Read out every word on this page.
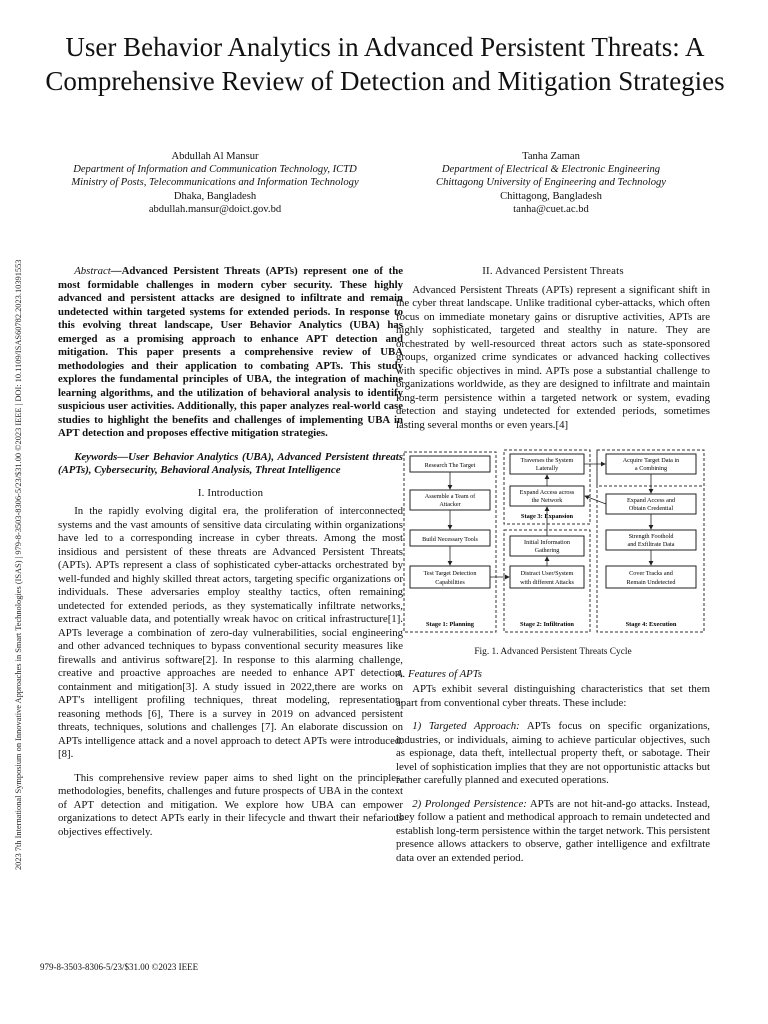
2023 7th International Symposium on Innovative Approaches in Smart Technologies (ISAS) | 979-8-3503-8306-5/23/$31.00 ©2023 IEEE | DOI: 10.1109/ISAS60782.2023.10391553
User Behavior Analytics in Advanced Persistent Threats: A Comprehensive Review of Detection and Mitigation Strategies
Abdullah Al Mansur
Department of Information and Communication Technology, ICTD
Ministry of Posts, Telecommunications and Information Technology
Dhaka, Bangladesh
abdullah.mansur@doict.gov.bd
Tanha Zaman
Department of Electrical & Electronic Engineering
Chittagong University of Engineering and Technology
Chittagong, Bangladesh
tanha@cuet.ac.bd

Abstract—Advanced Persistent Threats (APTs) represent one of the most formidable challenges in modern cyber security. These highly advanced and persistent attacks are designed to infiltrate and remain undetected within targeted systems for extended periods. In response to this evolving threat landscape, User Behavior Analytics (UBA) has emerged as a promising approach to enhance APT detection and mitigation. This paper presents a comprehensive review of UBA methodologies and their application to combating APTs. This study explores the fundamental principles of UBA, the integration of machine learning algorithms, and the utilization of behavioral analysis to identify suspicious user activities. Additionally, this paper analyzes real-world case studies to highlight the benefits and challenges of implementing UBA in APT detection and proposes effective mitigation strategies.

Keywords—User Behavior Analytics (UBA), Advanced Persistent threats (APTs), Cybersecurity, Behavioral Analysis, Threat Intelligence

I. Introduction

In the rapidly evolving digital era, the proliferation of interconnected systems and the vast amounts of sensitive data circulating within organizations have led to a corresponding increase in cyber threats. Among the most insidious and persistent of these threats are Advanced Persistent Threats (APTs). APTs represent a class of sophisticated cyber-attacks orchestrated by well-funded and highly skilled threat actors, targeting specific organizations or individuals. These adversaries employ stealthy tactics, often remaining undetected for extended periods, as they systematically infiltrate networks, extract valuable data, and potentially wreak havoc on critical infrastructure[1]. APTs leverage a combination of zero-day vulnerabilities, social engineering and other advanced techniques to bypass conventional security measures like firewalls and antivirus software[2]. In response to this alarming challenge, creative and proactive approaches are needed to enhance APT detection, containment and mitigation[3]. A study issued in 2022,there are works on APT's intelligent profiling techniques, threat modeling, representation, reasoning methods [6], There is a survey in 2019 on advanced persistent threats, techniques, solutions and challenges [7]. An elaborate discussion on APTs intelligence attack and a novel approach to detect APTs were introduced. [8].

This comprehensive review paper aims to shed light on the principles, methodologies, benefits, challenges and future prospects of UBA in the context of APT detection and mitigation. We explore how UBA can empower organizations to detect APTs early in their lifecycle and thwart their nefarious objectives effectively.

II. Advanced Persistent Threats

Advanced Persistent Threats (APTs) represent a significant shift in the cyber threat landscape. Unlike traditional cyber-attacks, which often focus on immediate monetary gains or disruptive activities, APTs are highly sophisticated, targeted and stealthy in nature. They are orchestrated by well-resourced threat actors such as state-sponsored groups, organized crime syndicates or advanced hacking collectives with specific objectives in mind. APTs pose a substantial challenge to organizations worldwide, as they are designed to infiltrate and maintain long-term persistence within a targeted network or system, evading detection and staying undetected for extended periods, sometimes lasting several months or even years.[4]

Research The Target
Assemble a Team of
Attacker
Build Necessary Tools
Test Target Detection
Capabilities
Stage 1: Planning
Initial Information
Gathering
Distract User/System
with different Attacks
Stage 2: Infiltration
Traverses the System
Laterally
Expand Access across
the Network
Stage 3: Expansion
Acquire Target Data in
a Combining
Expand Access and
Obtain Credential
Strength Foothold
and Exfiltrate Data
Cover Tracks and
Remain Undetected
Stage 4: Execution
Fig. 1. Advanced Persistent Threats Cycle
A. Features of APTs

APTs exhibit several distinguishing characteristics that set them apart from conventional cyber threats. These include:

1) Targeted Approach: APTs focus on specific organizations, industries, or individuals, aiming to achieve particular objectives, such as espionage, data theft, intellectual property theft, or sabotage. Their level of sophistication implies that they are not opportunistic attacks but rather carefully planned and executed operations.

2) Prolonged Persistence: APTs are not hit-and-go attacks. Instead, they follow a patient and methodical approach to remain undetected and establish long-term persistence within the target network. This persistent presence allows attackers to observe, gather intelligence and exfiltrate data over an extended period.

979-8-3503-8306-5/23/$31.00 ©2023 IEEE
